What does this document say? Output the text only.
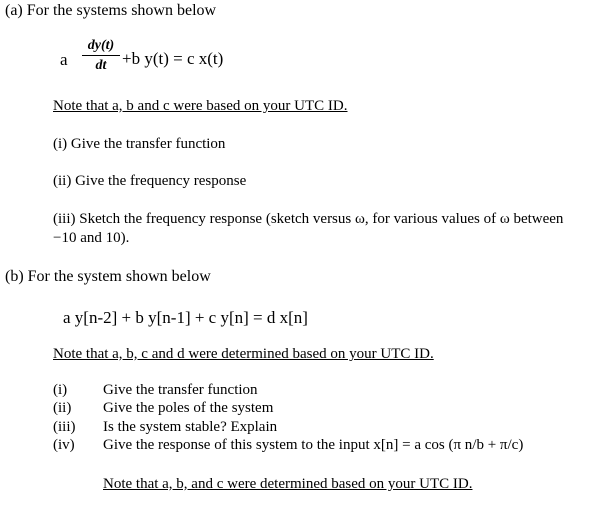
(a) For the systems shown below
a
dy(t)
dt +b y(t) = c x(t)
Note that a, b and c were based on your UTC ID.
(i) Give the transfer function
(ii) Give the frequency response
(iii) Sketch the frequency response (sketch versus ω, for various values of ω between
−10 and 10).
(b) For the system shown below
a y[n-2] + b y[n-1] + c y[n] = d x[n]
Note that a, b, c and d were determined based on your UTC ID.
(i) Give the transfer function
(ii) Give the poles of the system
(iii) Is the system stable? Explain
(iv) Give the response of this system to the input x[n] = a cos (π n/b + π/c)
Note that a, b, and c were determined based on your UTC ID.
